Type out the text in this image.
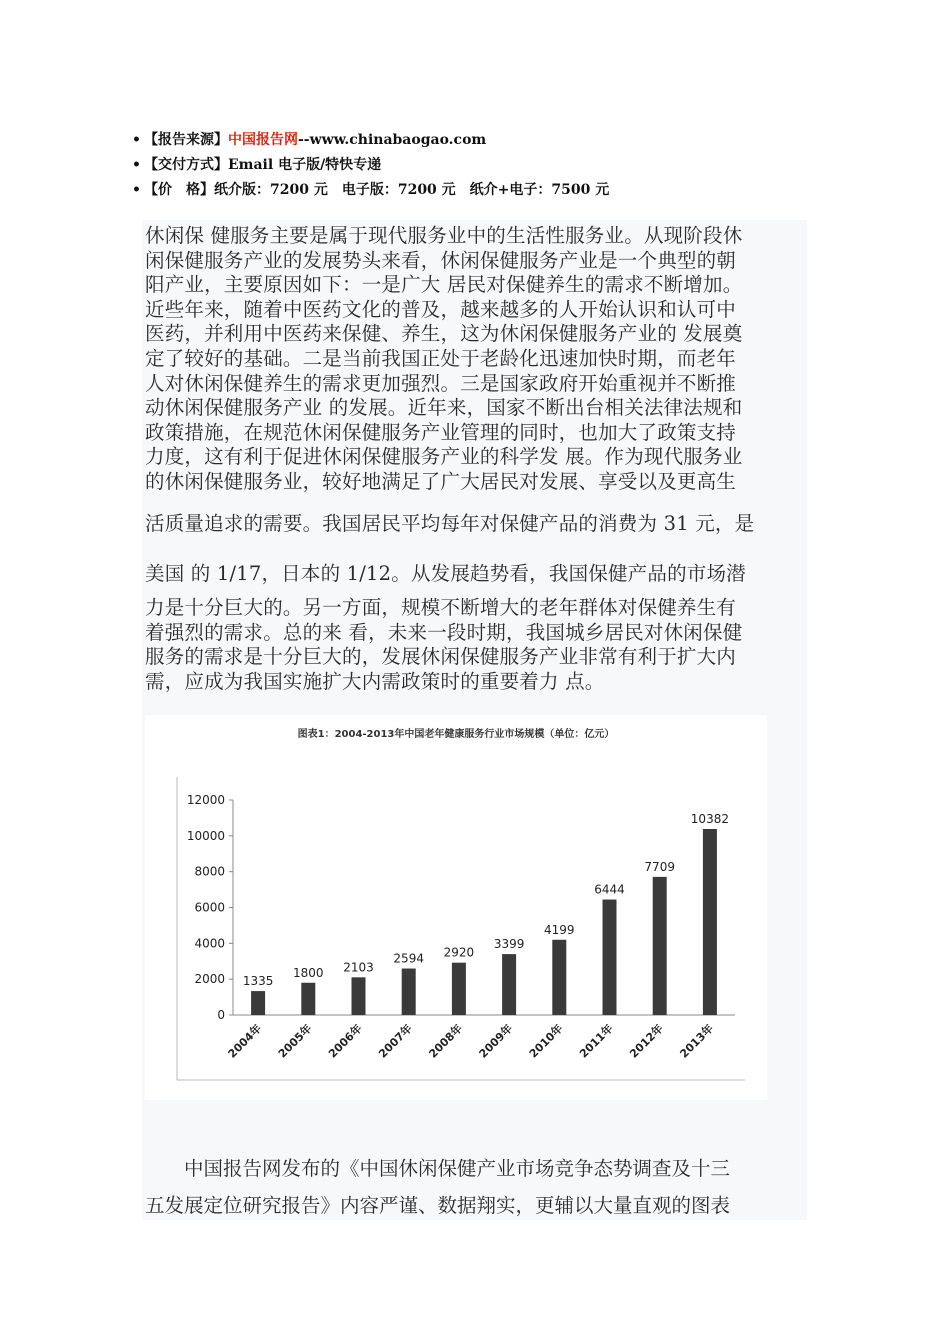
• 【报告来源】中国报告网--www.chinabaogao.com
• 【交付方式】Email 电子版/特快专递
• 【价　格】纸介版：7200 元　电子版：7200 元　纸介+电子：7500 元
休闲保 健服务主要是属于现代服务业中的生活性服务业。从现阶段休
闲保健服务产业的发展势头来看，休闲保健服务产业是一个典型的朝
阳产业，主要原因如下：一是广大 居民对保健养生的需求不断增加。
近些年来，随着中医药文化的普及，越来越多的人开始认识和认可中
医药，并利用中医药来保健、养生，这为休闲保健服务产业的 发展奠
定了较好的基础。二是当前我国正处于老龄化迅速加快时期，而老年
人对休闲保健养生的需求更加强烈。三是国家政府开始重视并不断推
动休闲保健服务产业 的发展。近年来，国家不断出台相关法律法规和
政策措施，在规范休闲保健服务产业管理的同时，也加大了政策支持
力度，这有利于促进休闲保健服务产业的科学发 展。作为现代服务业
的休闲保健服务业，较好地满足了广大居民对发展、享受以及更高生
活质量追求的需要。我国居民平均每年对保健产品的消费为 31 元，是
美国 的 1/17，日本的 1/12。从发展趋势看，我国保健产品的市场潜
力是十分巨大的。另一方面，规模不断增大的老年群体对保健养生有
着强烈的需求。总的来 看，未来一段时期，我国城乡居民对休闲保健
服务的需求是十分巨大的，发展休闲保健服务产业非常有利于扩大内
需，应成为我国实施扩大内需政策时的重要着力 点。
图表1：2004-2013年中国老年健康服务行业市场规模（单位：亿元）
0
2000
4000
6000
8000
10000
12000
1335
2004年
1800
2005年
2103
2006年
2594
2007年
2920
2008年
3399
2009年
4199
2010年
6444
2011年
7709
2012年
10382
2013年
　　中国报告网发布的《中国休闲保健产业市场竞争态势调查及十三
五发展定位研究报告》内容严谨、数据翔实，更辅以大量直观的图表
